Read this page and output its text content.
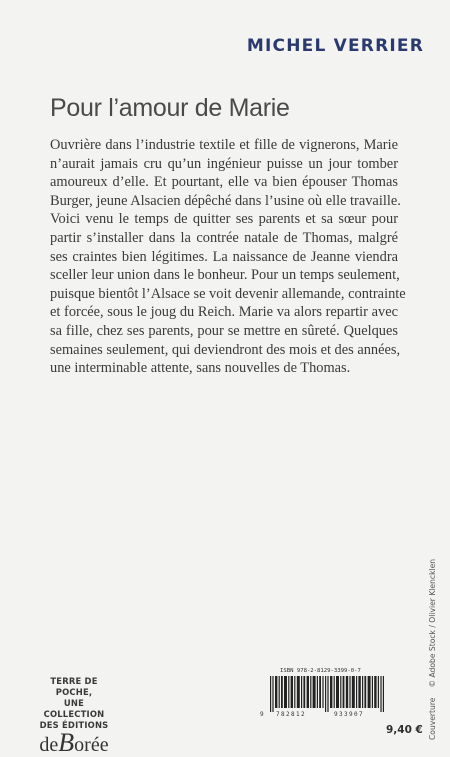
MICHEL VERRIER
Pour l’amour de Marie
Ouvrière dans l’industrie textile et fille de vignerons, Marie
n’aurait jamais cru qu’un ingénieur puisse un jour tomber
amoureux d’elle. Et pourtant, elle va bien épouser Thomas
Burger, jeune Alsacien dépêché dans l’usine où elle travaille.
Voici venu le temps de quitter ses parents et sa sœur pour
partir s’installer dans la contrée natale de Thomas, malgré
ses craintes bien légitimes. La naissance de Jeanne viendra
sceller leur union dans le bonheur. Pour un temps seulement,
puisque bientôt l’Alsace se voit devenir allemande, contrainte
et forcée, sous le joug du Reich. Marie va alors repartir avec
sa fille, chez ses parents, pour se mettre en sûreté. Quelques
semaines seulement, qui deviendront des mois et des années,
une interminable attente, sans nouvelles de Thomas.
Couverture© Adobe Stock / Olivier Klencklen
TERRE DE POCHE,
UNE COLLECTION
DES ÉDITIONS
deBorée
ISBN 978-2-8129-3399-0-7
9 782812	933907
9,40 €
